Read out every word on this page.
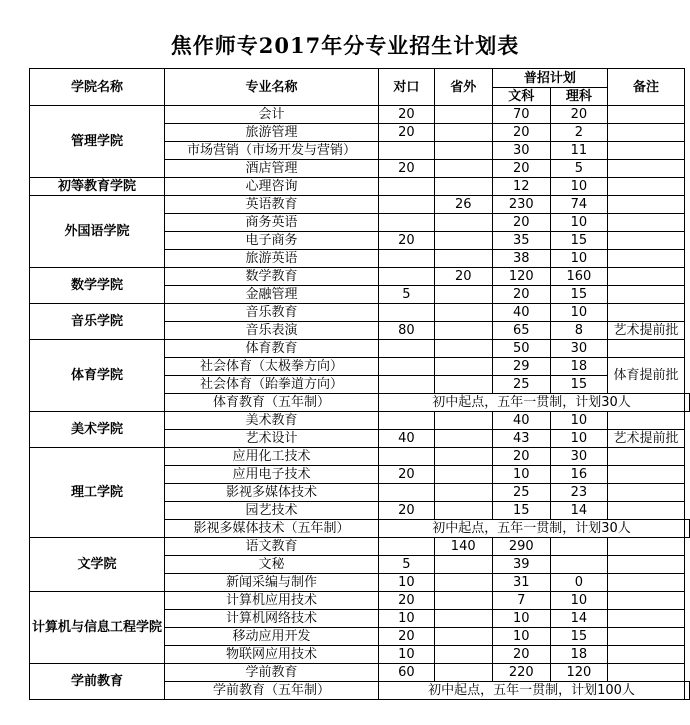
焦作师专2017年分专业招生计划表
学院名称	专业名称	对口	省外	普招计划		备注	
				文科	理科		
管理学院	会计	20		70	20		
	旅游管理	20		20	2		
	市场营销（市场开发与营销）			30	11		
	酒店管理	20		20	5		
初等教育学院	心理咨询			12	10		
外国语学院	英语教育		26	230	74		
	商务英语			20	10		
	电子商务	20		35	15		
	旅游英语			38	10		
数学学院	数学教育		20	120	160		
	金融管理	5		20	15		
音乐学院	音乐教育			40	10		
	音乐表演	80		65	8	艺术提前批	
体育学院	体育教育			50	30		
	社会体育（太极拳方向）			29	18	体育提前批	
	社会体育（跆拳道方向）			25	15		
	体育教育（五年制）	初中起点，五年一贯制，计划30人					
美术学院	美术教育			40	10		
	艺术设计	40		43	10	艺术提前批	
理工学院	应用化工技术			20	30		
	应用电子技术	20		10	16		
	影视多媒体技术			25	23		
	园艺技术	20		15	14		
	影视多媒体技术（五年制）	初中起点，五年一贯制，计划30人					
文学院	语文教育		140	290			
	文秘	5		39			
	新闻采编与制作	10		31	0		
计算机与信息工程学院	计算机应用技术	20		7	10		
	计算机网络技术	10		10	14		
	移动应用开发	20		10	15		
	物联网应用技术	10		20	18		
学前教育	学前教育	60		220	120		
	学前教育（五年制）	初中起点，五年一贯制，计划100人					
